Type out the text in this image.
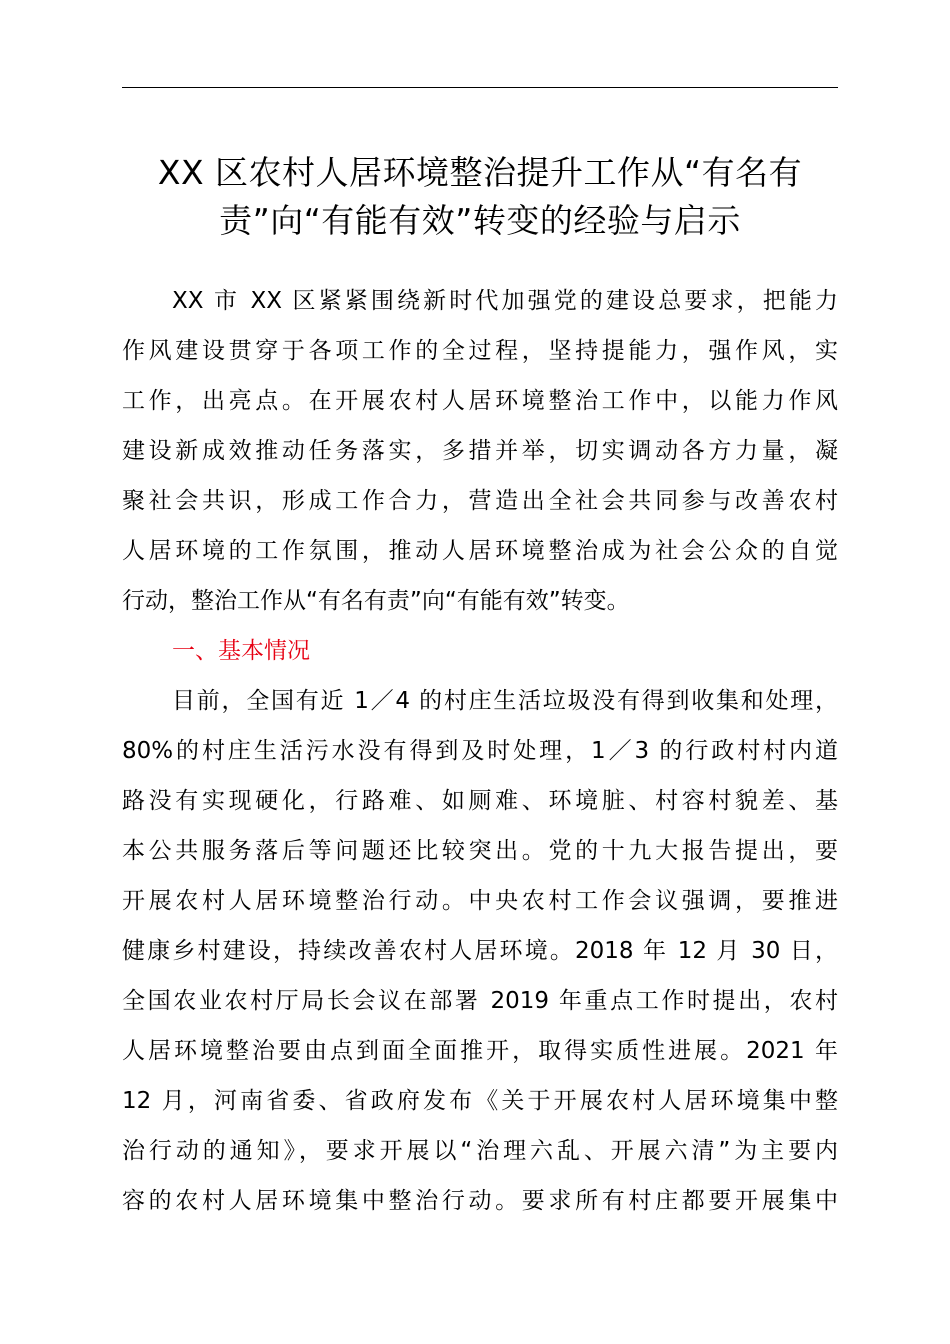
XX 区农村人居环境整治提升工作从“有名有
责”向“有能有效”转变的经验与启示
XX 市 XX 区紧紧围绕新时代加强党的建设总要求，把能力
作风建设贯穿于各项工作的全过程，坚持提能力，强作风，实
工作，出亮点。在开展农村人居环境整治工作中，以能力作风
建设新成效推动任务落实，多措并举，切实调动各方力量，凝
聚社会共识，形成工作合力，营造出全社会共同参与改善农村
人居环境的工作氛围，推动人居环境整治成为社会公众的自觉
行动，整治工作从“有名有责”向“有能有效”转变。
一、基本情况
目前，全国有近 1／4 的村庄生活垃圾没有得到收集和处理，
80%的村庄生活污水没有得到及时处理，1／3 的行政村村内道
路没有实现硬化，行路难、如厕难、环境脏、村容村貌差、基
本公共服务落后等问题还比较突出。党的十九大报告提出，要
开展农村人居环境整治行动。中央农村工作会议强调，要推进
健康乡村建设，持续改善农村人居环境。2018 年 12 月 30 日，
全国农业农村厅局长会议在部署 2019 年重点工作时提出，农村
人居环境整治要由点到面全面推开，取得实质性进展。2021 年
12 月，河南省委、省政府发布《关于开展农村人居环境集中整
治行动的通知》，要求开展以“治理六乱、开展六清”为主要内
容的农村人居环境集中整治行动。要求所有村庄都要开展集中
